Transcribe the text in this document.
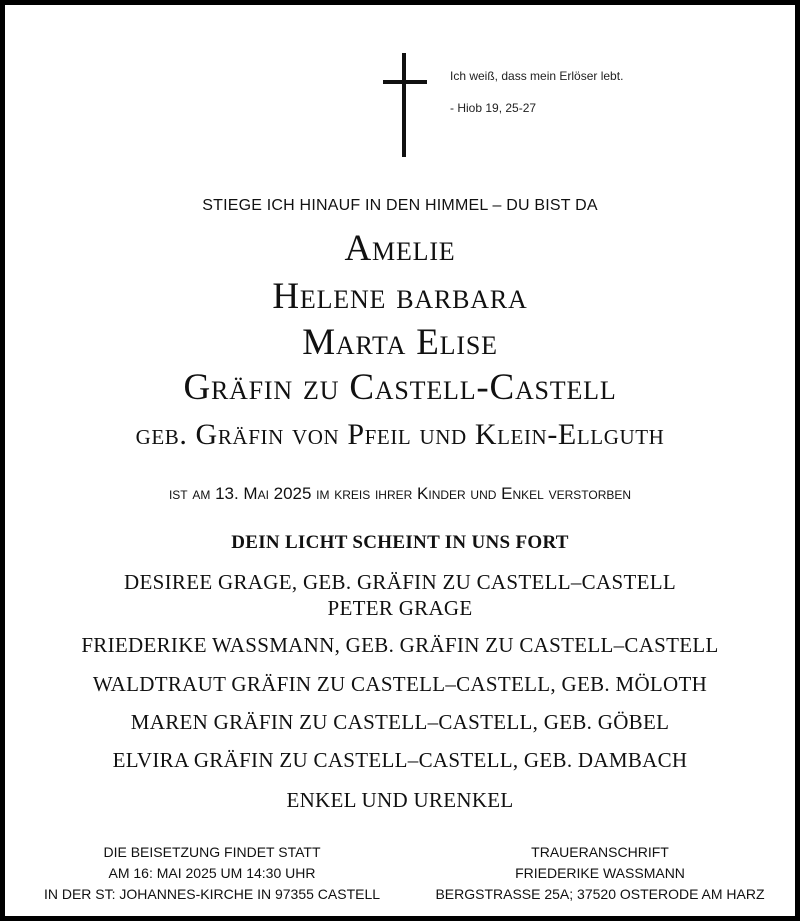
Ich weiß, dass mein Erlöser lebt.
- Hiob 19, 25-27
STIEGE ICH HINAUF IN DEN HIMMEL – DU BIST DA
Amelie
Helene barbara
Marta Elise
Gräfin zu Castell-Castell
geb. Gräfin von Pfeil und Klein-Ellguth
ist am 13. Mai 2025 im kreis ihrer Kinder und Enkel verstorben
DEIN LICHT SCHEINT IN UNS FORT
DESIREE GRAGE, GEB. GRÄFIN ZU CASTELL–CASTELL
PETER GRAGE
FRIEDERIKE WASSMANN, GEB. GRÄFIN ZU CASTELL–CASTELL
WALDTRAUT GRÄFIN ZU CASTELL–CASTELL, GEB. MÖLOTH
MAREN GRÄFIN ZU CASTELL–CASTELL, GEB. GÖBEL
ELVIRA GRÄFIN ZU CASTELL–CASTELL, GEB. DAMBACH
ENKEL UND URENKEL
DIE BEISETZUNG FINDET STATT
AM 16: MAI 2025 UM 14:30 UHR
IN DER ST: JOHANNES-KIRCHE IN 97355 CASTELL
TRAUERANSCHRIFT
FRIEDERIKE WASSMANN
BERGSTRASSE 25A; 37520 OSTERODE AM HARZ
